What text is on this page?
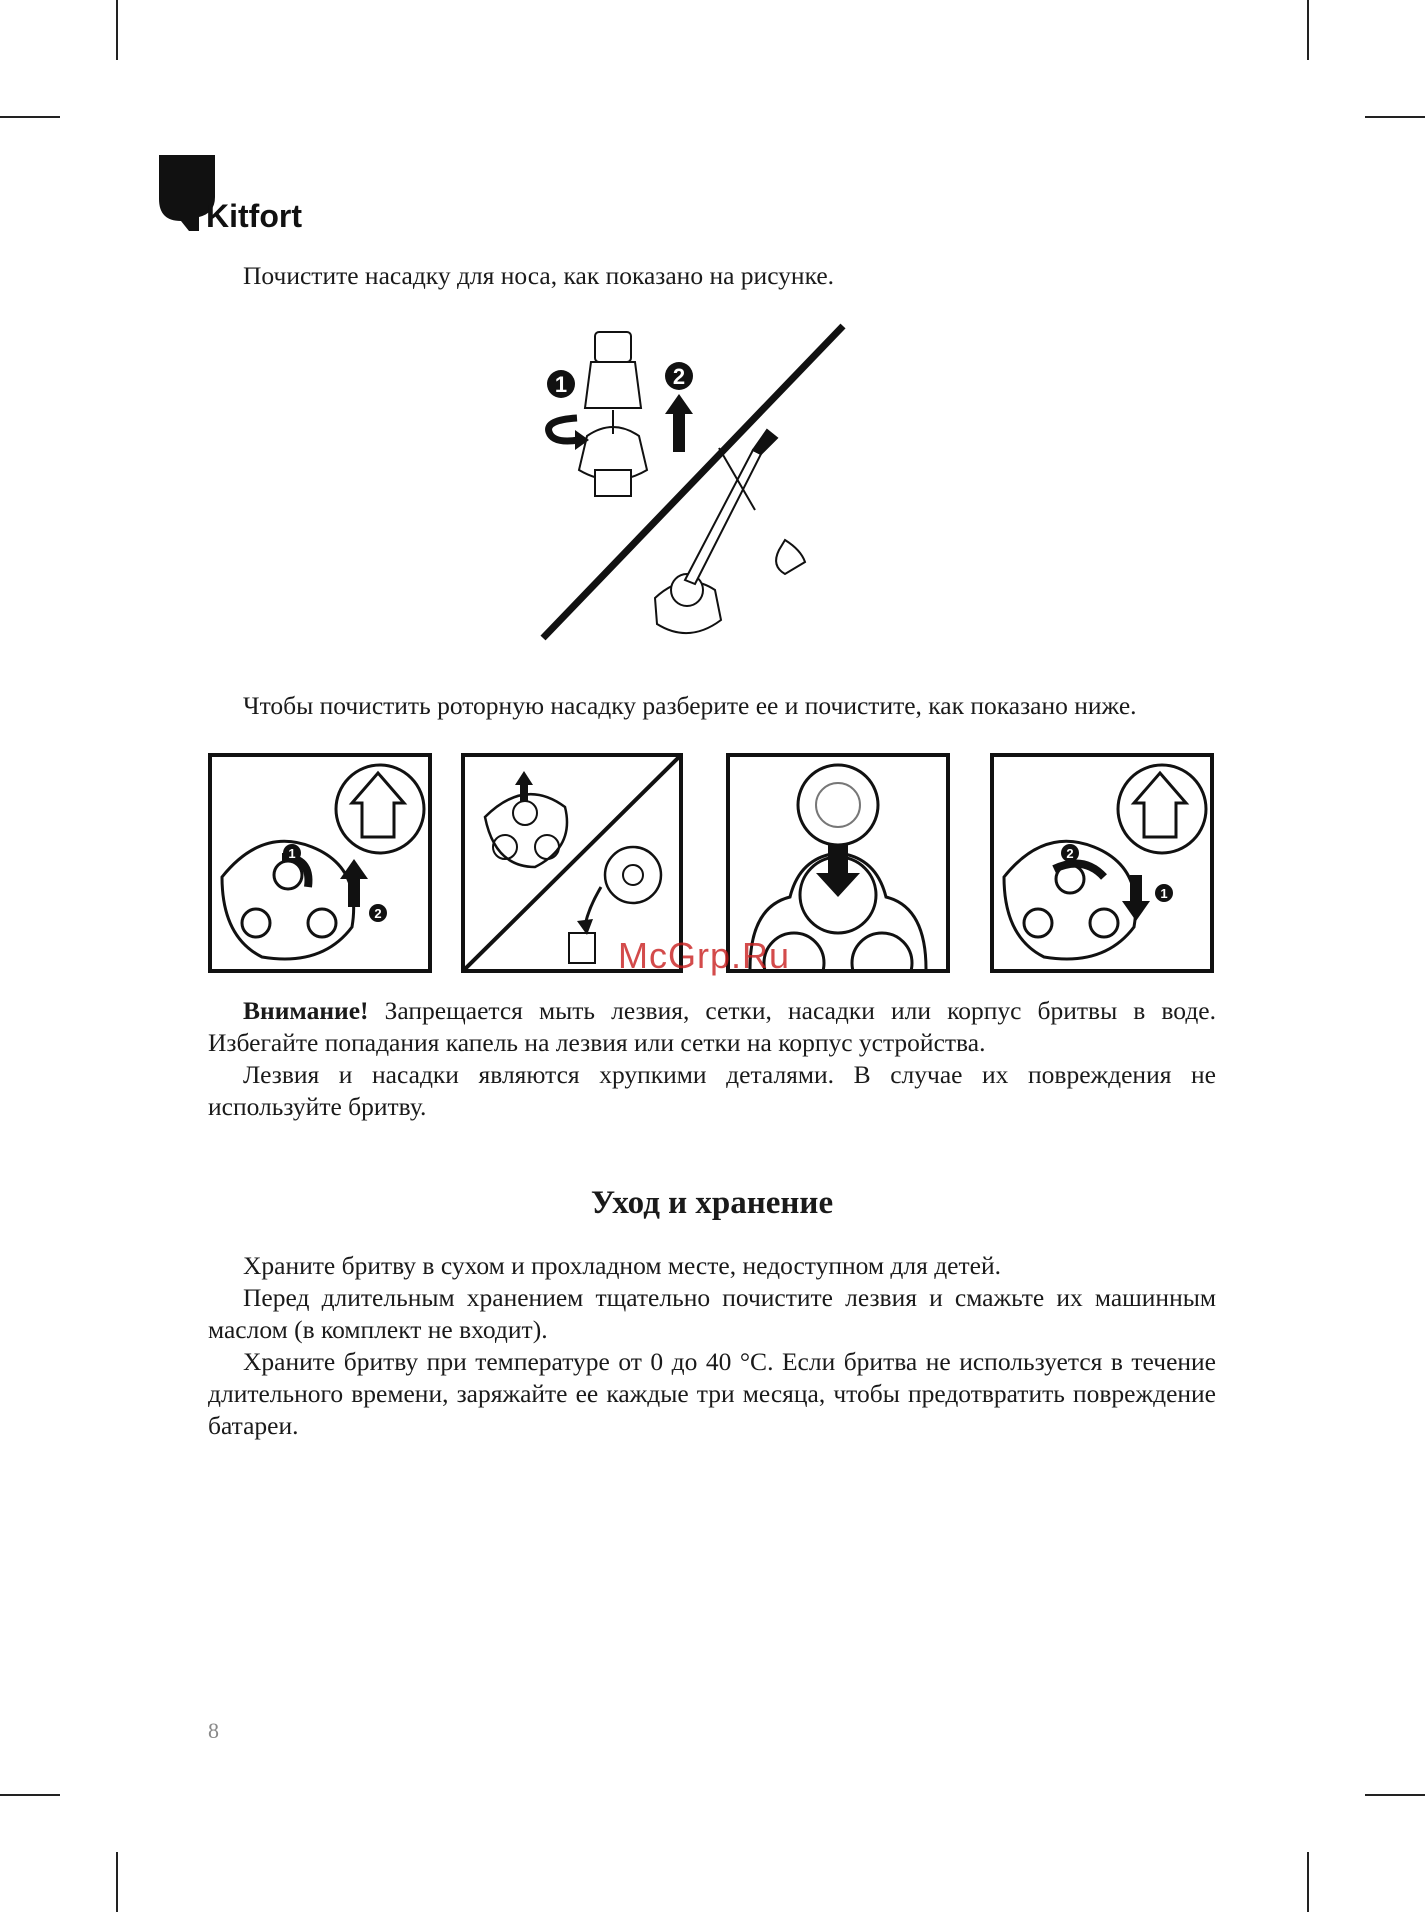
Kitfort
Почистите насадку для носа, как показано на рисунке.
1	2
Чтобы почистить роторную насадку разберите ее и почистите, как показано ниже.
1
2
2
1
McGrp.Ru
Внимание! Запрещается мыть лезвия, сетки, насадки или корпус бритвы в воде. Избегайте попадания капель на лезвия или сетки на корпус устройства.
Лезвия и насадки являются хрупкими деталями. В случае их повреждения не используйте бритву.
Уход и хранение
Храните бритву в сухом и прохладном месте, недоступном для детей.
Перед длительным хранением тщательно почистите лезвия и смажьте их машинным маслом (в комплект не входит).
Храните бритву при температуре от 0 до 40 °С. Если бритва не используется в течение длительного времени, заряжайте ее каждые три месяца, чтобы предотвратить повреждение батареи.
8
